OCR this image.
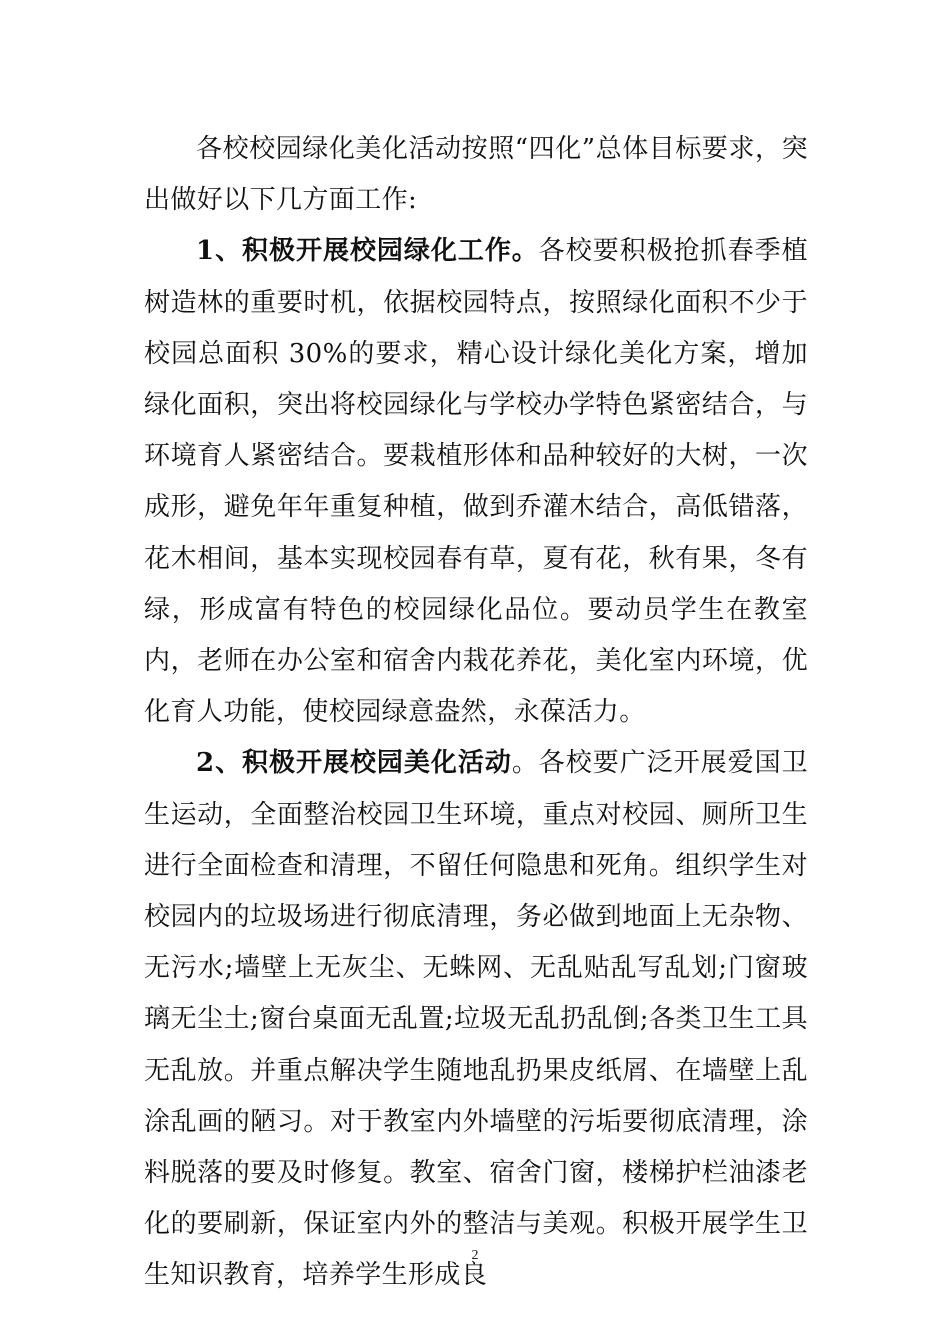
各校校园绿化美化活动按照“四化”总体目标要求，突出做好以下几方面工作:

1、积极开展校园绿化工作。各校要积极抢抓春季植树造林的重要时机，依据校园特点，按照绿化面积不少于校园总面积 30%的要求，精心设计绿化美化方案，增加绿化面积，突出将校园绿化与学校办学特色紧密结合，与环境育人紧密结合。要栽植形体和品种较好的大树，一次成形，避免年年重复种植，做到乔灌木结合，高低错落，花木相间，基本实现校园春有草，夏有花，秋有果，冬有绿，形成富有特色的校园绿化品位。要动员学生在教室内，老师在办公室和宿舍内栽花养花，美化室内环境，优化育人功能，使校园绿意盎然，永葆活力。

2、积极开展校园美化活动。各校要广泛开展爱国卫生运动，全面整治校园卫生环境，重点对校园、厕所卫生进行全面检查和清理，不留任何隐患和死角。组织学生对校园内的垃圾场进行彻底清理，务必做到地面上无杂物、无污水;墙壁上无灰尘、无蛛网、无乱贴乱写乱划;门窗玻璃无尘土;窗台桌面无乱置;垃圾无乱扔乱倒;各类卫生工具无乱放。并重点解决学生随地乱扔果皮纸屑、在墙壁上乱涂乱画的陋习。对于教室内外墙壁的污垢要彻底清理，涂料脱落的要及时修复。教室、宿舍门窗，楼梯护栏油漆老化的要刷新，保证室内外的整洁与美观。积极开展学生卫生知识教育，培养学生形成良

2
